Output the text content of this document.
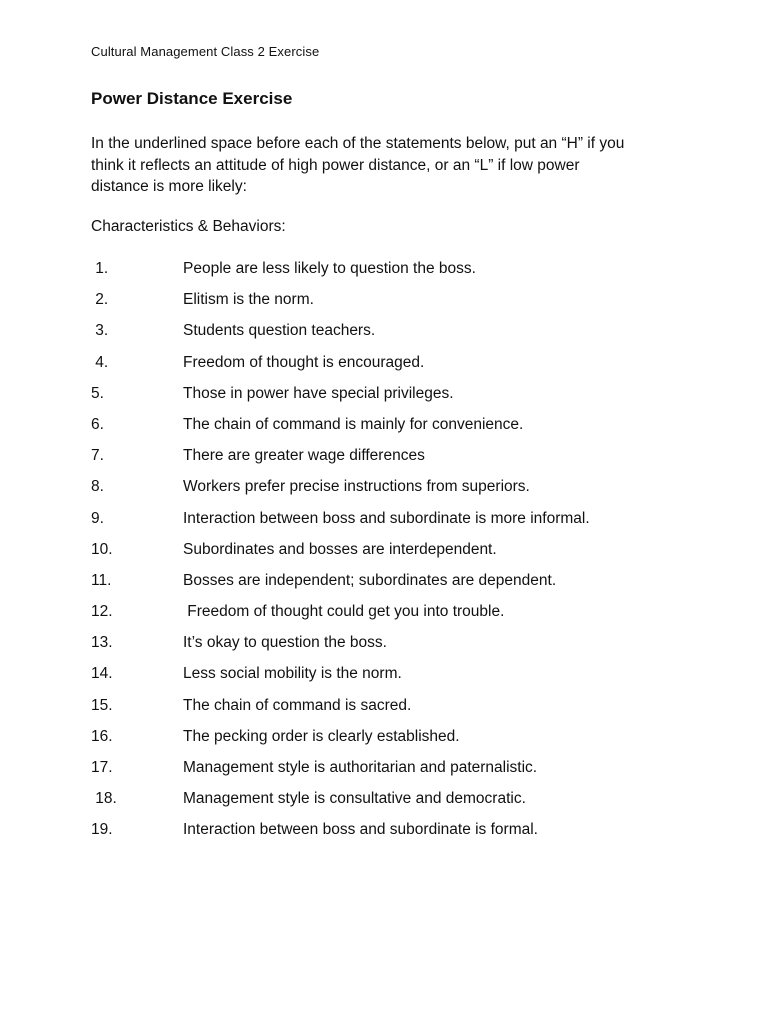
Cultural Management Class 2 Exercise
Power Distance Exercise
In the underlined space before each of the statements below, put an “H” if you
think it reflects an attitude of high power distance, or an “L” if low power
distance is more likely:
Characteristics & Behaviors:
1.	People are less likely to question the boss.
2.	Elitism is the norm.
3.	Students question teachers.
4.	Freedom of thought is encouraged.
5.	Those in power have special privileges.
6.	The chain of command is mainly for convenience.
7.	There are greater wage differences
8.	Workers prefer precise instructions from superiors.
9.	Interaction between boss and subordinate is more informal.
10.	Subordinates and bosses are interdependent.
11.	Bosses are independent; subordinates are dependent.
12.	Freedom of thought could get you into trouble.
13.	It’s okay to question the boss.
14.	Less social mobility is the norm.
15.	The chain of command is sacred.
16.	The pecking order is clearly established.
17.	Management style is authoritarian and paternalistic.
18.	Management style is consultative and democratic.
19.	Interaction between boss and subordinate is formal.
